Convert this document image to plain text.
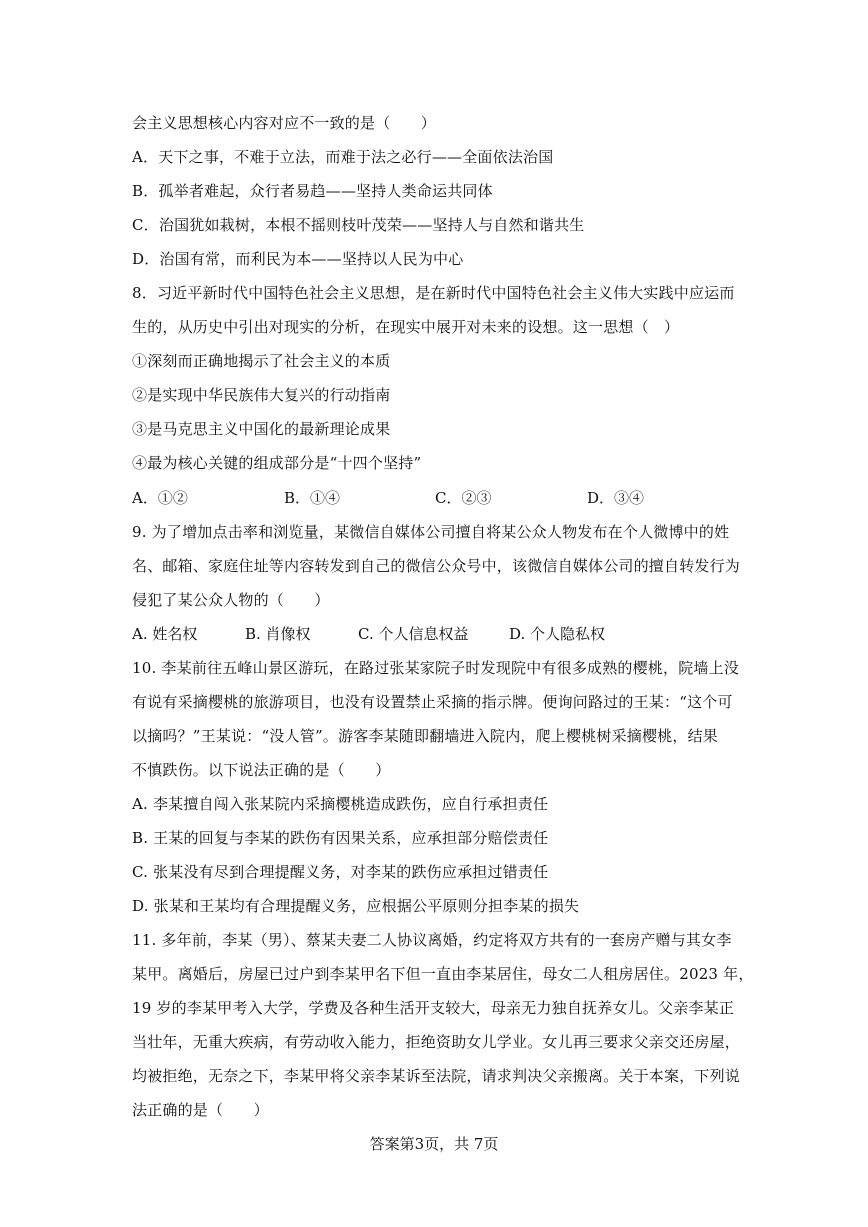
会主义思想核心内容对应不一致的是（　　）
A．天下之事，不难于立法，而难于法之必行——全面依法治国
B．孤举者难起，众行者易趋——坚持人类命运共同体
C．治国犹如栽树，本根不摇则枝叶茂荣——坚持人与自然和谐共生
D．治国有常，而利民为本——坚持以人民为中心
8．习近平新时代中国特色社会主义思想，是在新时代中国特色社会主义伟大实践中应运而
生的，从历史中引出对现实的分析，在现实中展开对未来的设想。这一思想（　）
①深刻而正确地揭示了社会主义的本质
②是实现中华民族伟大复兴的行动指南
③是马克思主义中国化的最新理论成果
④最为核心关键的组成部分是“十四个坚持”
A．①②	B．①④	C．②③	D．③④
9. 为了增加点击率和浏览量，某微信自媒体公司擅自将某公众人物发布在个人微博中的姓
名、邮箱、家庭住址等内容转发到自己的微信公众号中，该微信自媒体公司的擅自转发行为
侵犯了某公众人物的（　　）
A. 姓名权	B. 肖像权	C. 个人信息权益	D. 个人隐私权
10. 李某前往五峰山景区游玩，在路过张某家院子时发现院中有很多成熟的樱桃，院墙上没
有说有采摘樱桃的旅游项目，也没有设置禁止采摘的指示牌。便询问路过的王某：“这个可
以摘吗？”王某说：“没人管”。游客李某随即翻墙进入院内，爬上樱桃树采摘樱桃，结果
不慎跌伤。以下说法正确的是（　　）
A. 李某擅自闯入张某院内采摘樱桃造成跌伤，应自行承担责任
B. 王某的回复与李某的跌伤有因果关系，应承担部分赔偿责任
C. 张某没有尽到合理提醒义务，对李某的跌伤应承担过错责任
D. 张某和王某均有合理提醒义务，应根据公平原则分担李某的损失
11. 多年前，李某（男）、蔡某夫妻二人协议离婚，约定将双方共有的一套房产赠与其女李
某甲。离婚后，房屋已过户到李某甲名下但一直由李某居住，母女二人租房居住。2023 年，
19 岁的李某甲考入大学，学费及各种生活开支较大，母亲无力独自抚养女儿。父亲李某正
当壮年，无重大疾病，有劳动收入能力，拒绝资助女儿学业。女儿再三要求父亲交还房屋，
均被拒绝，无奈之下，李某甲将父亲李某诉至法院，请求判决父亲搬离。关于本案，下列说
法正确的是（　　）
答案第3页，共 7页
